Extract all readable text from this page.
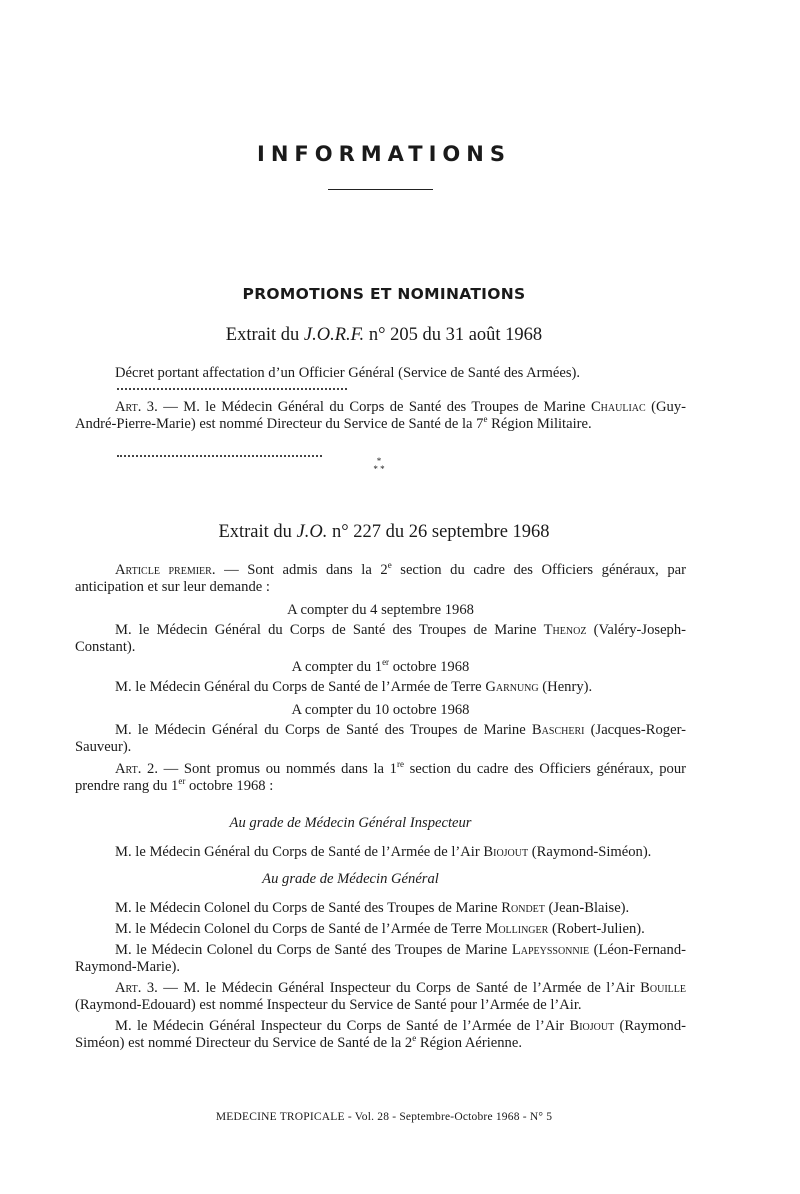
INFORMATIONS
PROMOTIONS ET NOMINATIONS
Extrait du J.O.R.F. n° 205 du 31 août 1968

Décret portant affectation d’un Officier Général (Service de Santé des Armées).

Art. 3. — M. le Médecin Général du Corps de Santé des Troupes de Marine Chauliac (Guy-André-Pierre-Marie) est nommé Directeur du Service de Santé de la 7e Région Militaire.

*
* *
Extrait du J.O. n° 227 du 26 septembre 1968

Article premier. — Sont admis dans la 2e section du cadre des Officiers généraux, par anticipation et sur leur demande :

A compter du 4 septembre 1968

M. le Médecin Général du Corps de Santé des Troupes de Marine Thenoz (Valéry-Joseph-Constant).

A compter du 1er octobre 1968

M. le Médecin Général du Corps de Santé de l’Armée de Terre Garnung (Henry).

A compter du 10 octobre 1968

M. le Médecin Général du Corps de Santé des Troupes de Marine Bascheri (Jacques-Roger-Sauveur).

Art. 2. — Sont promus ou nommés dans la 1re section du cadre des Officiers généraux, pour prendre rang du 1er octobre 1968 :

Au grade de Médecin Général Inspecteur

M. le Médecin Général du Corps de Santé de l’Armée de l’Air Biojout (Raymond-Siméon).

Au grade de Médecin Général

M. le Médecin Colonel du Corps de Santé des Troupes de Marine Rondet (Jean-Blaise).

M. le Médecin Colonel du Corps de Santé de l’Armée de Terre Mollinger (Robert-Julien).

M. le Médecin Colonel du Corps de Santé des Troupes de Marine Lapeyssonnie (Léon-Fernand-Raymond-Marie).

Art. 3. — M. le Médecin Général Inspecteur du Corps de Santé de l’Armée de l’Air Bouille (Raymond-Edouard) est nommé Inspecteur du Service de Santé pour l’Armée de l’Air.

M. le Médecin Général Inspecteur du Corps de Santé de l’Armée de l’Air Biojout (Raymond-Siméon) est nommé Directeur du Service de Santé de la 2e Région Aérienne.

MEDECINE TROPICALE - Vol. 28 - Septembre-Octobre 1968 - N° 5
